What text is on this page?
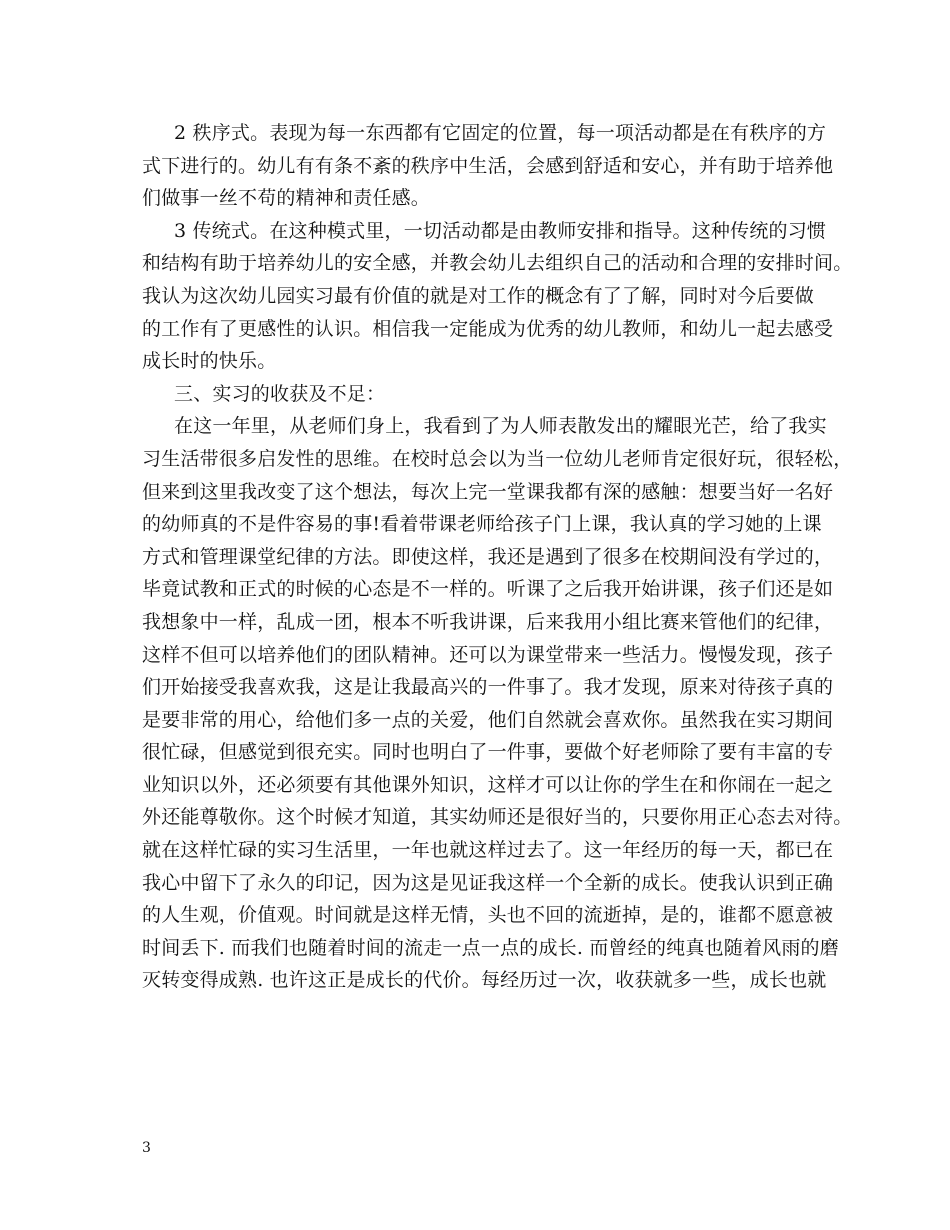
2 秩序式。表现为每一东西都有它固定的位置，每一项活动都是在有秩序的方
式下进行的。幼儿有有条不紊的秩序中生活，会感到舒适和安心，并有助于培养他
们做事一丝不苟的精神和责任感。
3 传统式。在这种模式里，一切活动都是由教师安排和指导。这种传统的习惯
和结构有助于培养幼儿的安全感，并教会幼儿去组织自己的活动和合理的安排时间。
我认为这次幼儿园实习最有价值的就是对工作的概念有了了解，同时对今后要做
的工作有了更感性的认识。相信我一定能成为优秀的幼儿教师，和幼儿一起去感受
成长时的快乐。
三、实习的收获及不足：
在这一年里，从老师们身上，我看到了为人师表散发出的耀眼光芒，给了我实
习生活带很多启发性的思维。在校时总会以为当一位幼儿老师肯定很好玩，很轻松，
但来到这里我改变了这个想法，每次上完一堂课我都有深的感触：想要当好一名好
的幼师真的不是件容易的事!看着带课老师给孩子门上课，我认真的学习她的上课
方式和管理课堂纪律的方法。即使这样，我还是遇到了很多在校期间没有学过的，
毕竟试教和正式的时候的心态是不一样的。听课了之后我开始讲课，孩子们还是如
我想象中一样，乱成一团，根本不听我讲课，后来我用小组比赛来管他们的纪律，
这样不但可以培养他们的团队精神。还可以为课堂带来一些活力。慢慢发现，孩子
们开始接受我喜欢我，这是让我最高兴的一件事了。我才发现，原来对待孩子真的
是要非常的用心，给他们多一点的关爱，他们自然就会喜欢你。虽然我在实习期间
很忙碌，但感觉到很充实。同时也明白了一件事，要做个好老师除了要有丰富的专
业知识以外，还必须要有其他课外知识，这样才可以让你的学生在和你闹在一起之
外还能尊敬你。这个时候才知道，其实幼师还是很好当的，只要你用正心态去对待。
就在这样忙碌的实习生活里，一年也就这样过去了。这一年经历的每一天，都已在
我心中留下了永久的印记，因为这是见证我这样一个全新的成长。使我认识到正确
的人生观，价值观。时间就是这样无情，头也不回的流逝掉，是的，谁都不愿意被
时间丢下. 而我们也随着时间的流走一点一点的成长. 而曾经的纯真也随着风雨的磨
灭转变得成熟. 也许这正是成长的代价。每经历过一次，收获就多一些，成长也就
3
